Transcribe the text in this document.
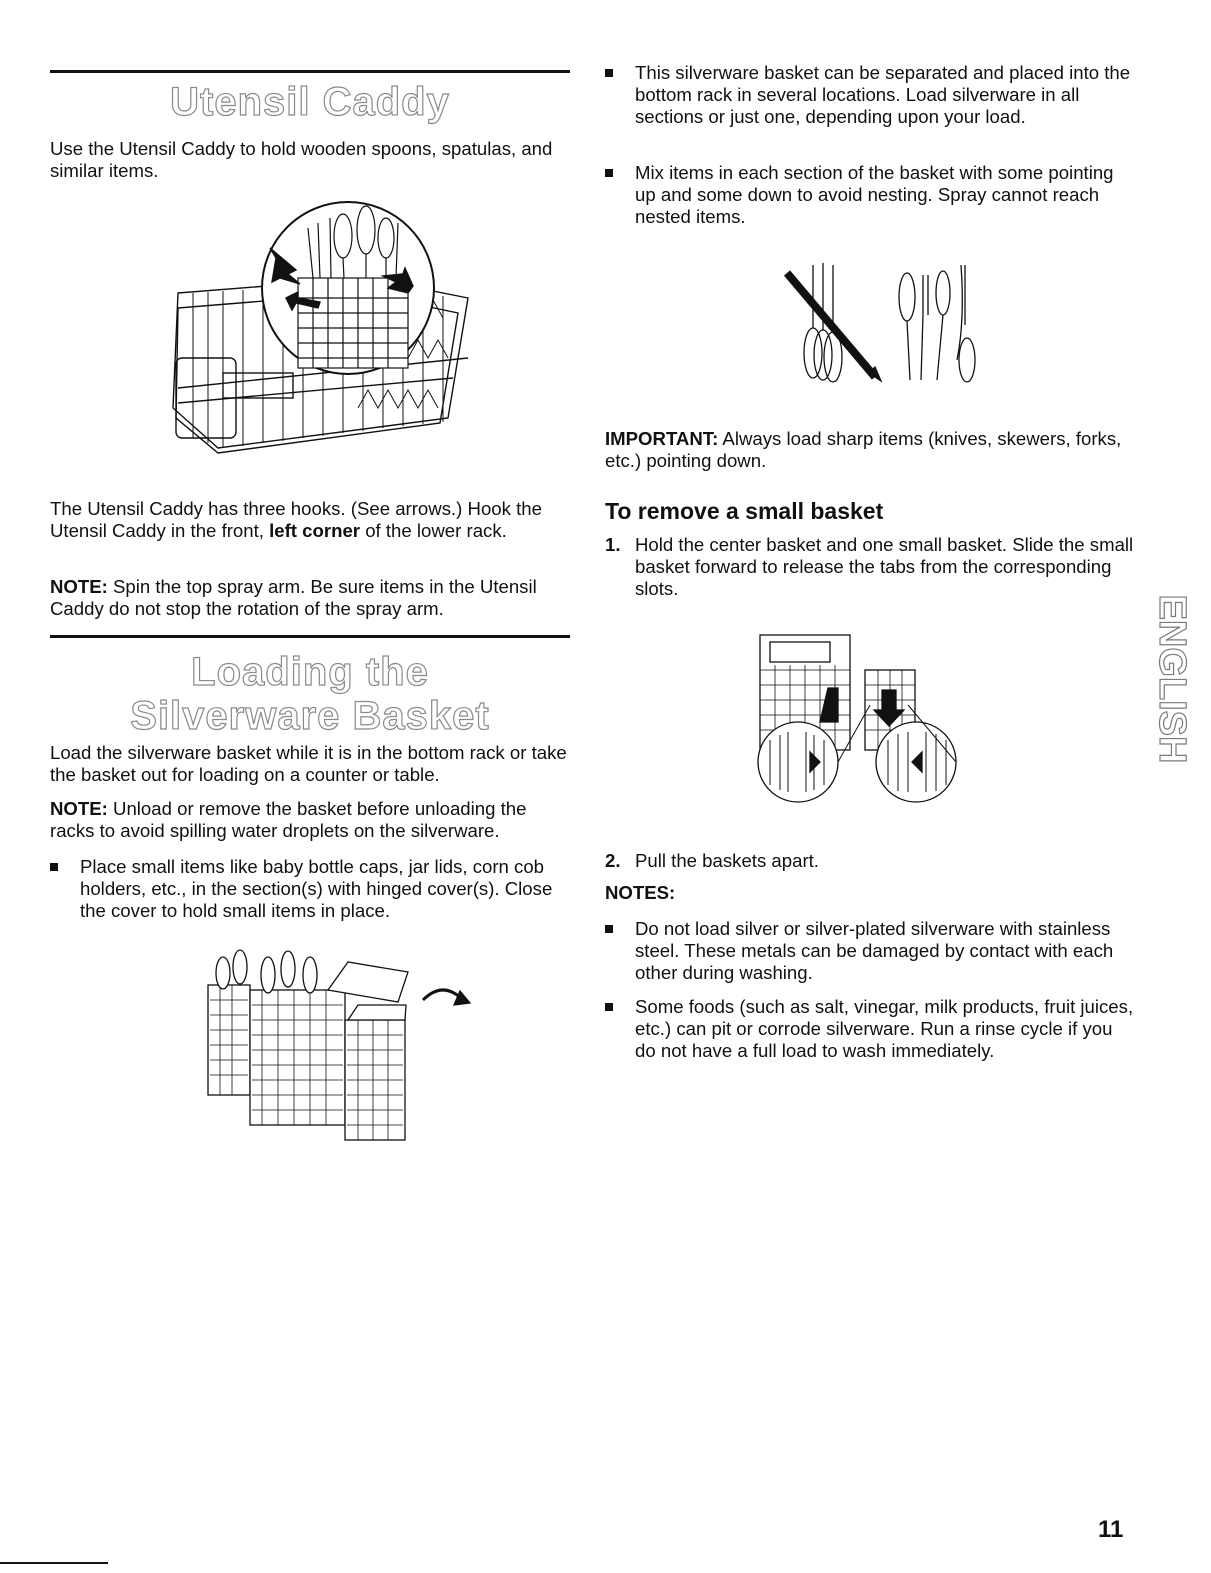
Utensil Caddy

Use the Utensil Caddy to hold wooden spoons, spatulas, and similar items.

The Utensil Caddy has three hooks. (See arrows.) Hook the Utensil Caddy in the front, left corner of the lower rack.

NOTE: Spin the top spray arm. Be sure items in the Utensil Caddy do not stop the rotation of the spray arm.

Loading the
Silverware Basket

Load the silverware basket while it is in the bottom rack or take the basket out for loading on a counter or table.

NOTE: Unload or remove the basket before unloading the racks to avoid spilling water droplets on the silverware.

Place small items like baby bottle caps, jar lids, corn cob holders, etc., in the section(s) with hinged cover(s). Close the cover to hold small items in place.
This silverware basket can be separated and placed into the bottom rack in several locations. Load silverware in all sections or just one, depending upon your load.
Mix items in each section of the basket with some pointing up and some down to avoid nesting. Spray cannot reach nested items.

IMPORTANT: Always load sharp items (knives, skewers, forks, etc.) pointing down.

To remove a small basket
1. Hold the center basket and one small basket. Slide the small basket forward to release the tabs from the corresponding slots.
2. Pull the baskets apart.
NOTES:
Do not load silver or silver-plated silverware with stainless steel. These metals can be damaged by contact with each other during washing.
Some foods (such as salt, vinegar, milk products, fruit juices, etc.) can pit or corrode silverware. Run a rinse cycle if you do not have a full load to wash immediately.
ENGLISH
11
